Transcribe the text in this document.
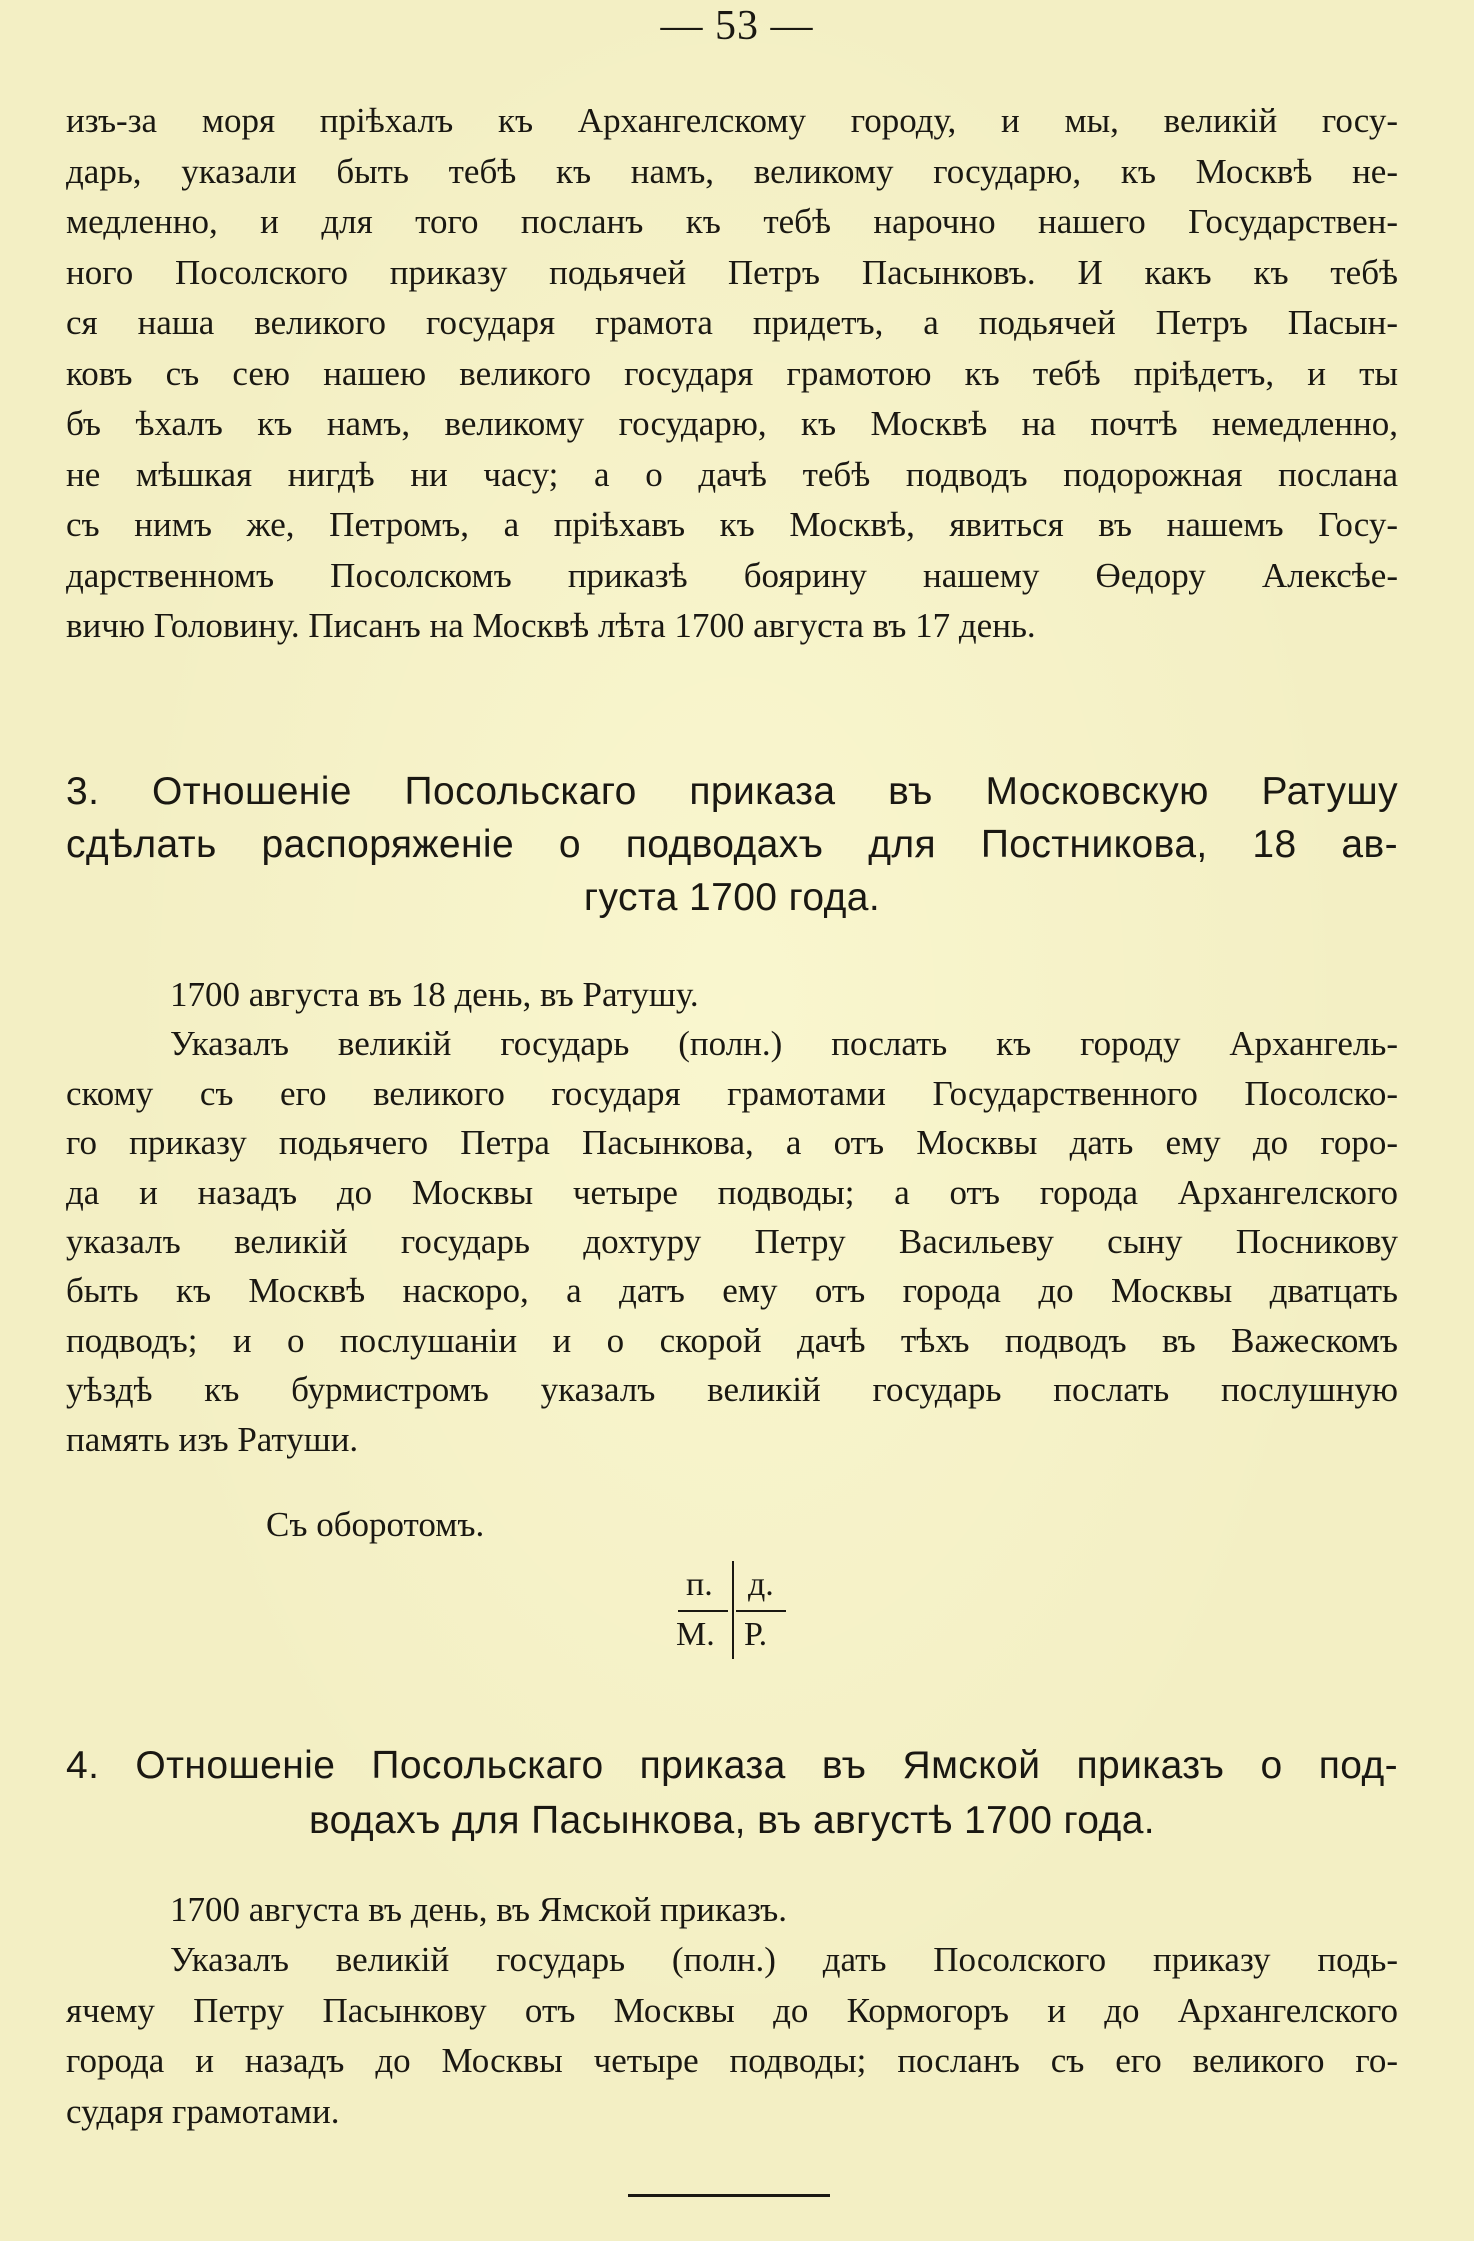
— 53 —
изъ-за моря прiѣхалъ къ Архангелскому городу, и мы, великiй госу-
дарь, указали быть тебѣ къ намъ, великому государю, къ Москвѣ не-
медленно, и для того посланъ къ тебѣ нарочно нашего Государствен-
ного Посолского приказу подьячей Петръ Пасынковъ. И какъ къ тебѣ
ся наша великого государя грамота придетъ, а подьячей Петръ Пасын-
ковъ съ сею нашею великого государя грамотою къ тебѣ прiѣдетъ, и ты
бъ ѣхалъ къ намъ, великому государю, къ Москвѣ на почтѣ немедленно,
не мѣшкая нигдѣ ни часу; а о дачѣ тебѣ подводъ подорожная послана
съ нимъ же, Петромъ, а прiѣхавъ къ Москвѣ, явиться въ нашемъ Госу-
дарственномъ Посолскомъ приказѣ боярину нашему Өедору Алексѣе-
вичю Головину. Писанъ на Москвѣ лѣта 1700 августа въ 17 день.
3. Отношенiе Посольскаго приказа въ Московскую Ратушу
сдѣлать распоряженiе о подводахъ для Постникова, 18 ав-
густа 1700 года.
1700 августа въ 18 день, въ Ратушу.
Указалъ великiй государь (полн.) послать къ городу Архангель-
скому съ его великого государя грамотами Государственного Посолско-
го приказу подьячего Петра Пасынкова, а отъ Москвы дать ему до горо-
да и назадъ до Москвы четыре подводы; а отъ города Архангелского
указалъ великiй государь дохтуру Петру Васильеву сыну Посникову
быть къ Москвѣ наскоро, а датъ ему отъ города до Москвы дватцать
подводъ; и о послушанiи и о скорой дачѣ тѣхъ подводъ въ Важескомъ
уѣздѣ къ бурмистромъ указалъ великiй государь послать послушную
память изъ Ратуши.
Съ оборотомъ.
п. д.
М. Р.
4. Отношенiе Посольскаго приказа въ Ямской приказъ о под-
водахъ для Пасынкова, въ августѣ 1700 года.
1700 августа въ день, въ Ямской приказъ.
Указалъ великiй государь (полн.) дать Посолского приказу подь-
ячему Петру Пасынкову отъ Москвы до Кормогоръ и до Архангелского
города и назадъ до Москвы четыре подводы; посланъ съ его великого го-
сударя грамотами.
